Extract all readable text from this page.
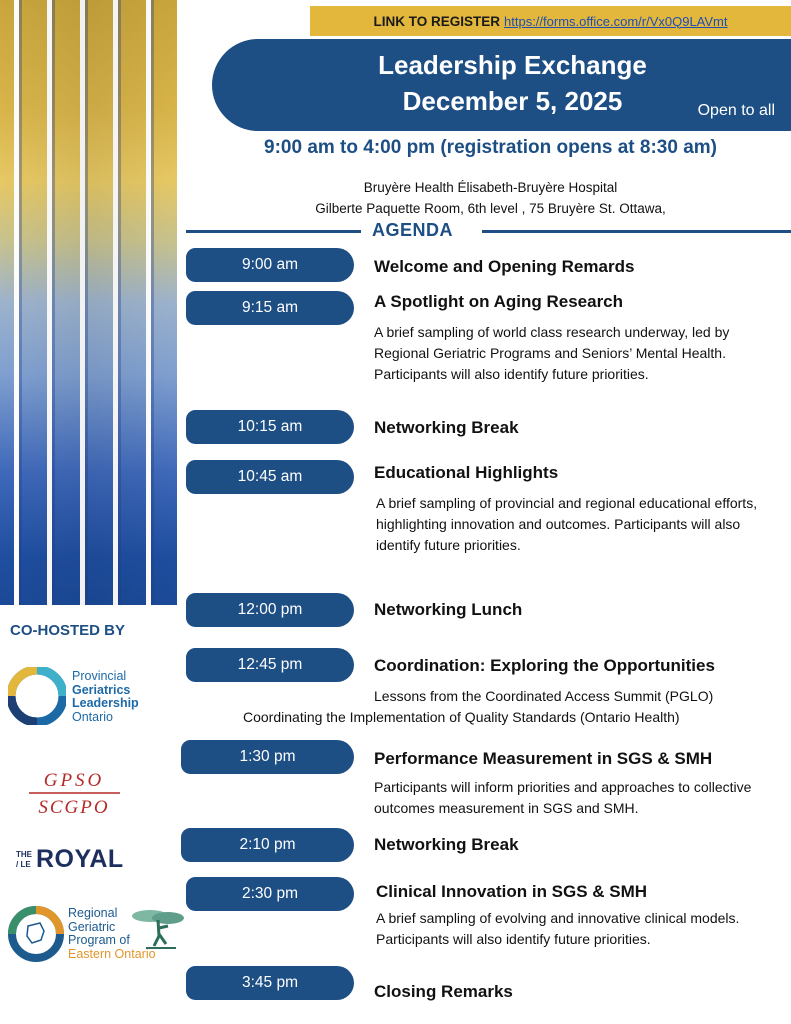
LINK TO REGISTER https://forms.office.com/r/Vx0Q9LAVmt
Leadership Exchange
December 5, 2025	Open to all
9:00 am to 4:00 pm (registration opens at 8:30 am)
Bruyère Health Élisabeth-Bruyère Hospital
Gilberte Paquette Room, 6th level , 75 Bruyère St. Ottawa,
AGENDA
9:00 am	Welcome and Opening Remards
9:15 am	A Spotlight on Aging Research
A brief sampling of world class research underway, led by Regional Geriatric Programs and Seniors’ Mental Health. Participants will also identify future priorities.
10:15 am	Networking Break
10:45 am	Educational Highlights
A brief sampling of provincial and regional educational efforts, highlighting innovation and outcomes. Participants will also identify future priorities.
12:00 pm	Networking Lunch
12:45 pm	Coordination: Exploring the Opportunities
Lessons from the Coordinated Access Summit (PGLO)
Coordinating the Implementation of Quality Standards (Ontario Health)
1:30 pm	Performance Measurement in SGS & SMH
Participants will inform priorities and approaches to collective outcomes measurement in SGS and SMH.
2:10 pm	Networking Break
2:30 pm	Clinical Innovation in SGS & SMH
A brief sampling of evolving and innovative clinical models. Participants will also identify future priorities.
3:45 pm	Closing Remarks
CO-HOSTED BY
Provincial
Geriatrics
Leadership
Ontario
GPSO
SCGPO
THE
/ LE ROYAL
Regional
Geriatric
Program of
Eastern Ontario
